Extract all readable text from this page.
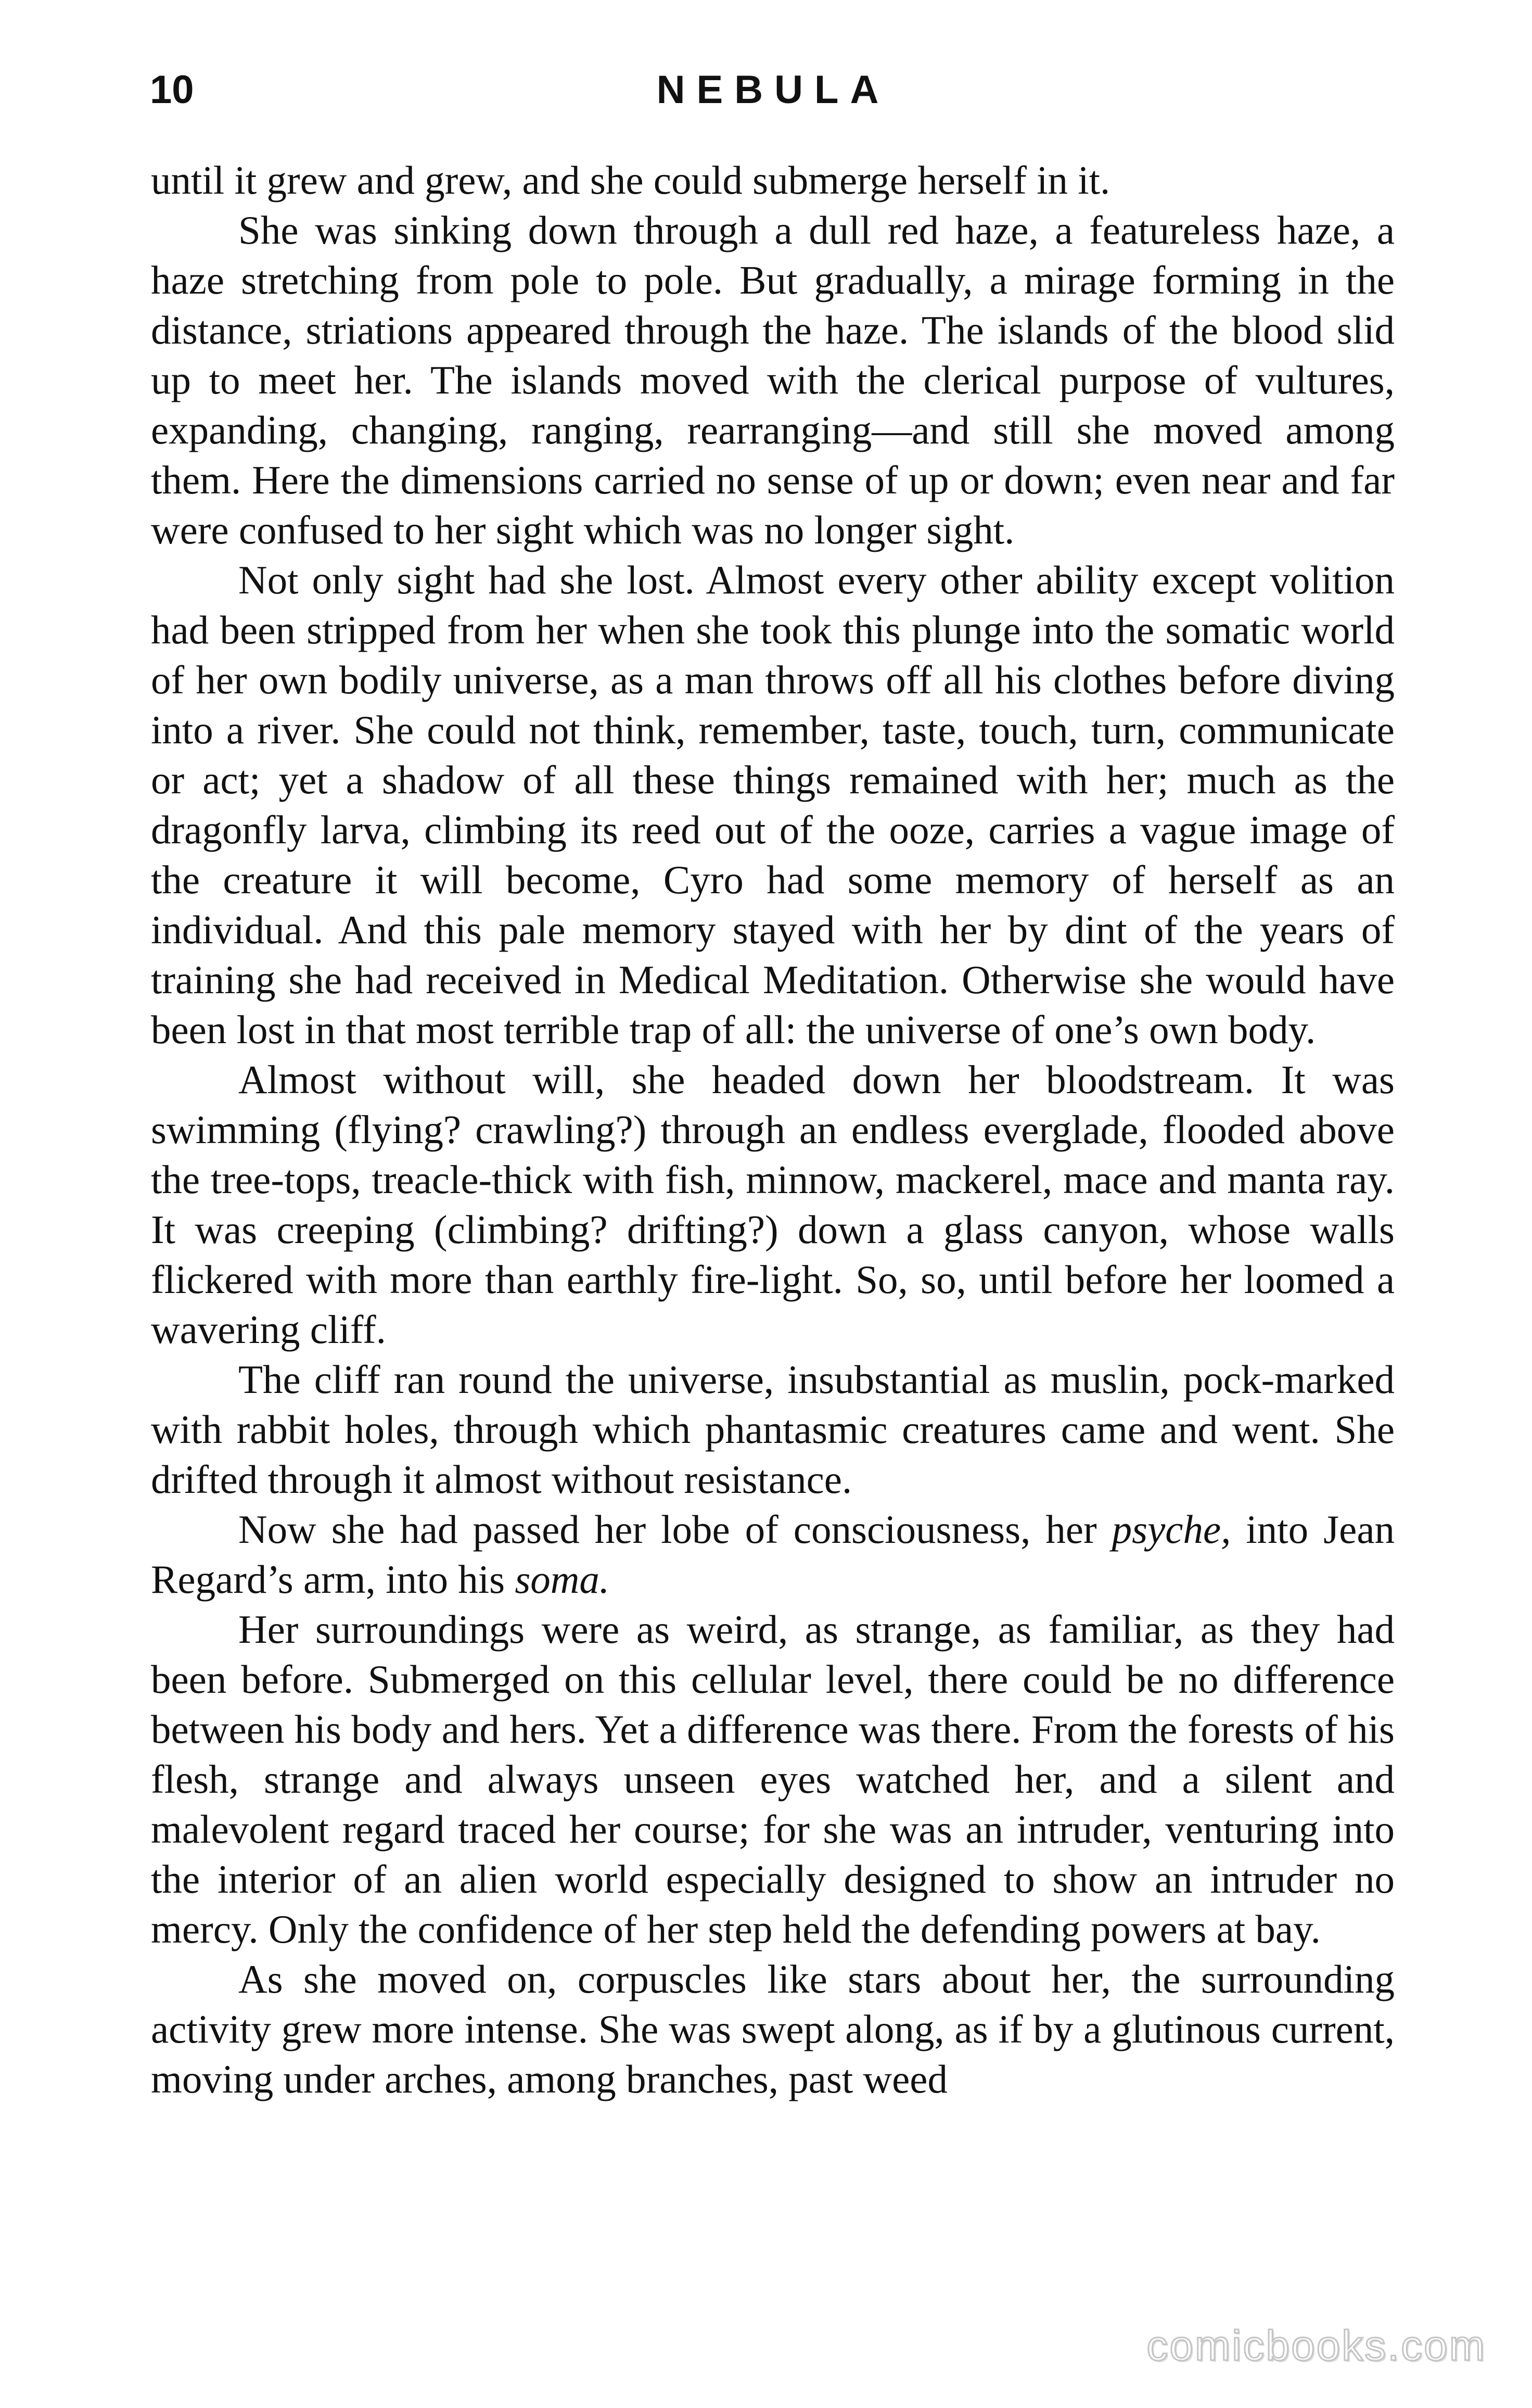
10	NEBULA

until it grew and grew, and she could submerge herself in it.

She was sinking down through a dull red haze, a featureless haze, a haze stretching from pole to pole. But gradually, a mirage forming in the distance, striations appeared through the haze. The islands of the blood slid up to meet her. The islands moved with the clerical purpose of vultures, expanding, changing, ranging, rearranging—and still she moved among them. Here the dimensions carried no sense of up or down; even near and far were confused to her sight which was no longer sight.

Not only sight had she lost. Almost every other ability except volition had been stripped from her when she took this plunge into the somatic world of her own bodily universe, as a man throws off all his clothes before diving into a river. She could not think, remember, taste, touch, turn, communicate or act; yet a shadow of all these things remained with her; much as the dragonfly larva, climbing its reed out of the ooze, carries a vague image of the creature it will become, Cyro had some memory of herself as an individual. And this pale memory stayed with her by dint of the years of training she had received in Medical Meditation. Otherwise she would have been lost in that most terrible trap of all: the universe of one’s own body.

Almost without will, she headed down her bloodstream. It was swimming (flying? crawling?) through an endless everglade, flooded above the tree-tops, treacle-thick with fish, minnow, mackerel, mace and manta ray. It was creeping (climbing? drifting?) down a glass canyon, whose walls flickered with more than earthly fire-light. So, so, until before her loomed a wavering cliff.

The cliff ran round the universe, insubstantial as muslin, pock-marked with rabbit holes, through which phantasmic creatures came and went. She drifted through it almost without resistance.

Now she had passed her lobe of consciousness, her psyche, into Jean Regard’s arm, into his soma.

Her surroundings were as weird, as strange, as familiar, as they had been before. Submerged on this cellular level, there could be no difference between his body and hers. Yet a difference was there. From the forests of his flesh, strange and always unseen eyes watched her, and a silent and malevolent regard traced her course; for she was an intruder, venturing into the interior of an alien world especially designed to show an intruder no mercy. Only the confidence of her step held the defending powers at bay.

As she moved on, corpuscles like stars about her, the surrounding activity grew more intense. She was swept along, as if by a glutinous current, moving under arches, among branches, past weed

comicbooks.com
